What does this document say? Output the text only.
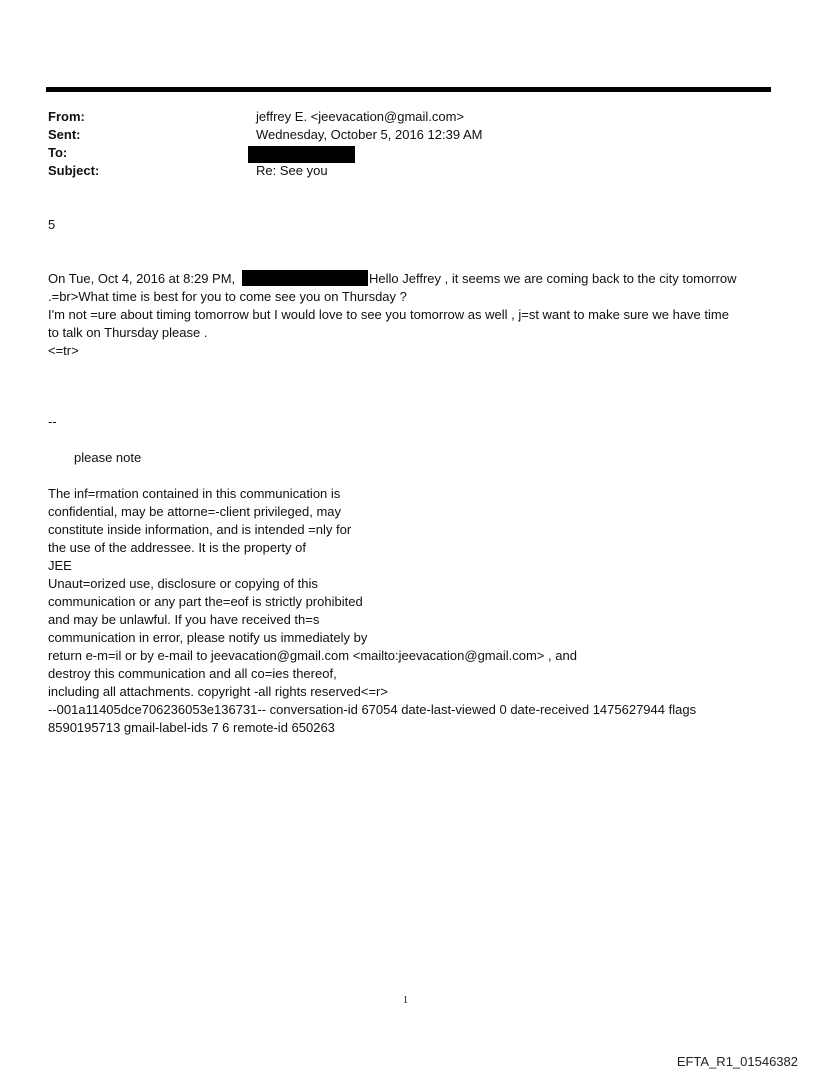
From:	jeffrey E. <jeevacation@gmail.com>
Sent:	Wednesday, October 5, 2016 12:39 AM
To:
Subject:	Re: See you
5
On Tue, Oct 4, 2016 at 8:29 PM,	Hello Jeffrey , it seems we are coming back to the city tomorrow
.=br>What time is best for you to come see you on Thursday ?
I'm not =ure about timing tomorrow but I would love to see you tomorrow as well , j=st want to make sure we have time
to talk on Thursday please .
<=tr>
--
please note
The inf=rmation contained in this communication is
confidential, may be attorne=-client privileged, may
constitute inside information, and is intended =nly for
the use of the addressee. It is the property of
JEE
Unaut=orized use, disclosure or copying of this
communication or any part the=eof is strictly prohibited
and may be unlawful. If you have received th=s
communication in error, please notify us immediately by
return e-m=il or by e-mail to jeevacation@gmail.com <mailto:jeevacation@gmail.com> , and
destroy this communication and all co=ies thereof,
including all attachments. copyright -all rights reserved<=r>
--001a11405dce706236053e136731-- conversation-id 67054 date-last-viewed 0 date-received 1475627944 flags
8590195713 gmail-label-ids 7 6 remote-id 650263
1
EFTA_R1_01546382
